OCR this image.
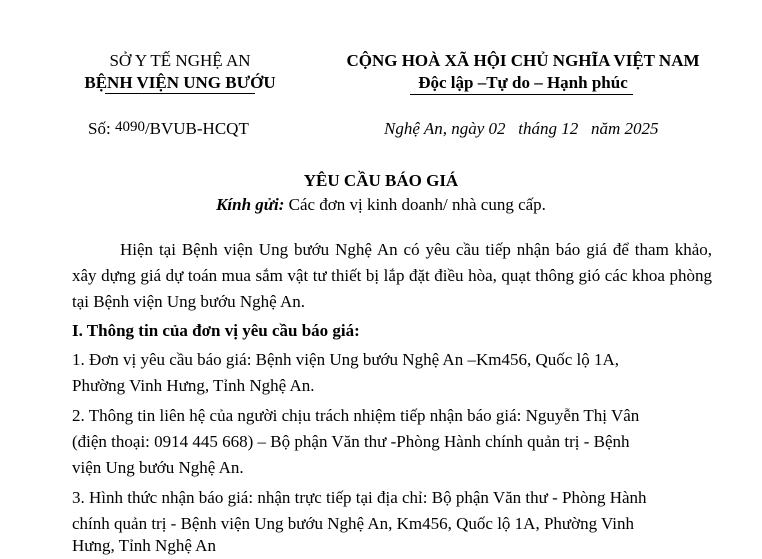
SỞ Y TẾ NGHỆ AN
BỆNH VIỆN UNG BƯỚU
CỘNG HOÀ XÃ HỘI CHỦ NGHĨA VIỆT NAM
Độc lập –Tự do – Hạnh phúc
Số: 4090/BVUB-HCQT	Nghệ An, ngày 02 tháng 12 năm 2025
YÊU CẦU BÁO GIÁ
Kính gửi: Các đơn vị kinh doanh/ nhà cung cấp.
Hiện tại Bệnh viện Ung bướu Nghệ An có yêu cầu tiếp nhận báo giá để tham khảo, xây dựng giá dự toán mua sắm vật tư thiết bị lắp đặt điều hòa, quạt thông gió các khoa phòng tại Bệnh viện Ung bướu Nghệ An.
I. Thông tin của đơn vị yêu cầu báo giá:
1. Đơn vị yêu cầu báo giá: Bệnh viện Ung bướu Nghệ An –Km456, Quốc lộ 1A,
Phường Vinh Hưng, Tỉnh Nghệ An.
2. Thông tin liên hệ của người chịu trách nhiệm tiếp nhận báo giá: Nguyễn Thị Vân
(điện thoại: 0914 445 668) – Bộ phận Văn thư -Phòng Hành chính quản trị - Bệnh
viện Ung bướu Nghệ An.
3. Hình thức nhận báo giá: nhận trực tiếp tại địa chỉ: Bộ phận Văn thư - Phòng Hành
chính quản trị - Bệnh viện Ung bướu Nghệ An, Km456, Quốc lộ 1A, Phường Vinh
Hưng, Tỉnh Nghệ An
